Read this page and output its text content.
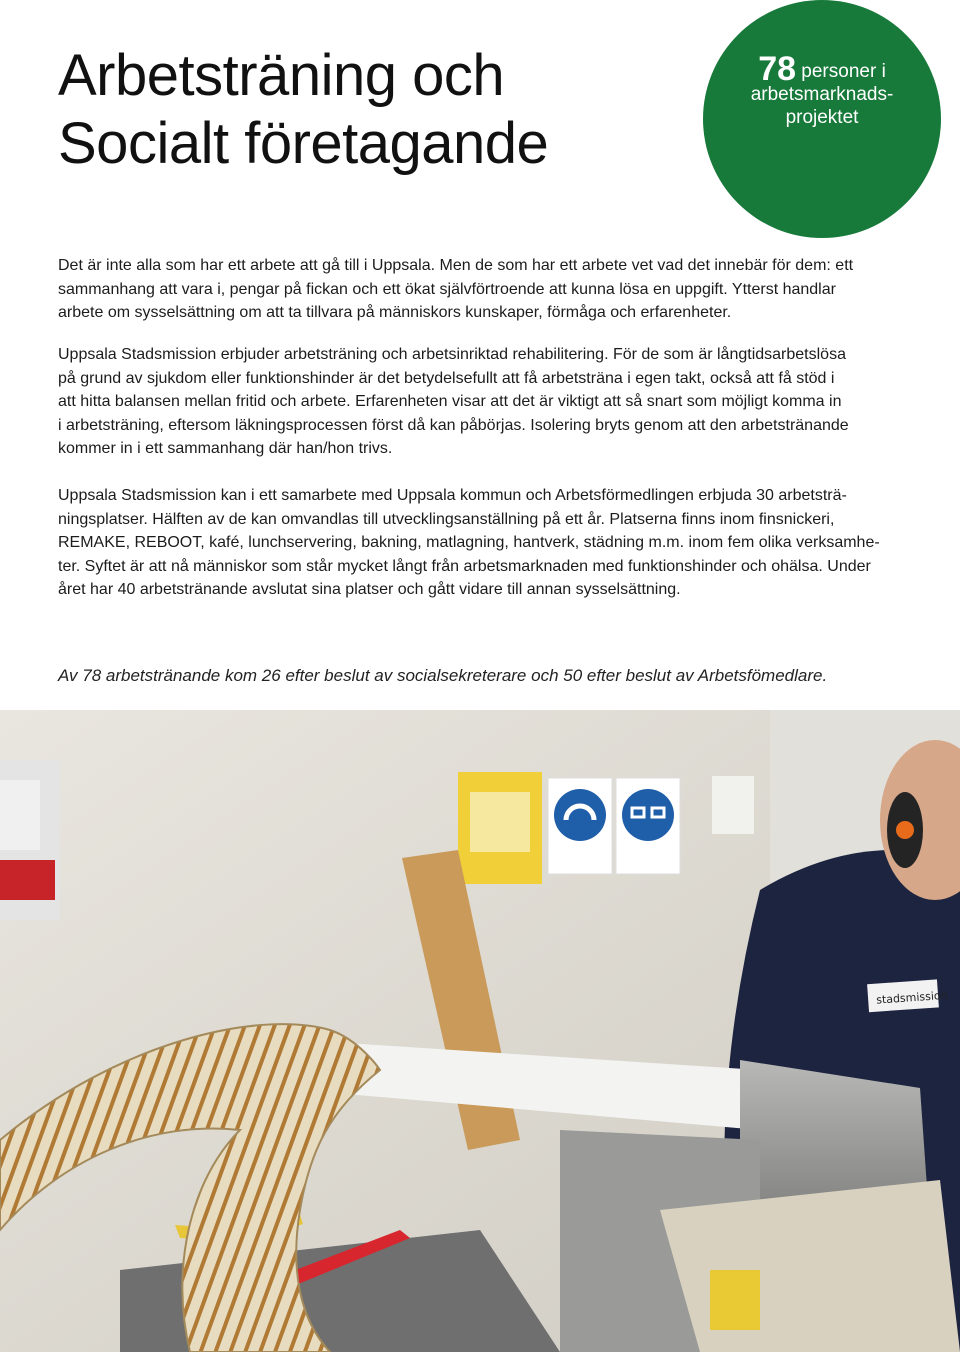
Arbetsträning och
Socialt företagande
78 personer i
arbetsmarknads-
projektet
Det är inte alla som har ett arbete att gå till i Uppsala. Men de som har ett arbete vet vad det innebär för dem: ett
sammanhang att vara i, pengar på fickan och ett ökat självförtroende att kunna lösa en uppgift. Ytterst handlar
arbete om sysselsättning om att ta tillvara på människors kunskaper, förmåga och erfarenheter.
Uppsala Stadsmission erbjuder arbetsträning och arbetsinriktad rehabilitering. För de som är långtidsarbetslösa
på grund av sjukdom eller funktionshinder är det betydelsefullt att få arbetsträna i egen takt, också att få stöd i
att hitta balansen mellan fritid och arbete. Erfarenheten visar att det är viktigt att så snart som möjligt komma in
i arbetsträning, eftersom läkningsprocessen först då kan påbörjas. Isolering bryts genom att den arbetstränande
kommer in i ett sammanhang där han/hon trivs.
Uppsala Stadsmission kan i ett samarbete med Uppsala kommun och Arbetsförmedlingen erbjuda 30 arbetsträ-
ningsplatser. Hälften av de kan omvandlas till utvecklingsanställning på ett år. Platserna finns inom finsnickeri,
REMAKE, REBOOT, kafé, lunchservering, bakning, matlagning, hantverk, städning m.m. inom fem olika verksamhe-
ter. Syftet är att nå människor som står mycket långt från arbetsmarknaden med funktionshinder och ohälsa. Under
året har 40 arbetstränande avslutat sina platser och gått vidare till annan sysselsättning.
Av 78 arbetstränande kom 26 efter beslut av socialsekreterare och 50 efter beslut av Arbetsfömedlare.
stadsmission
